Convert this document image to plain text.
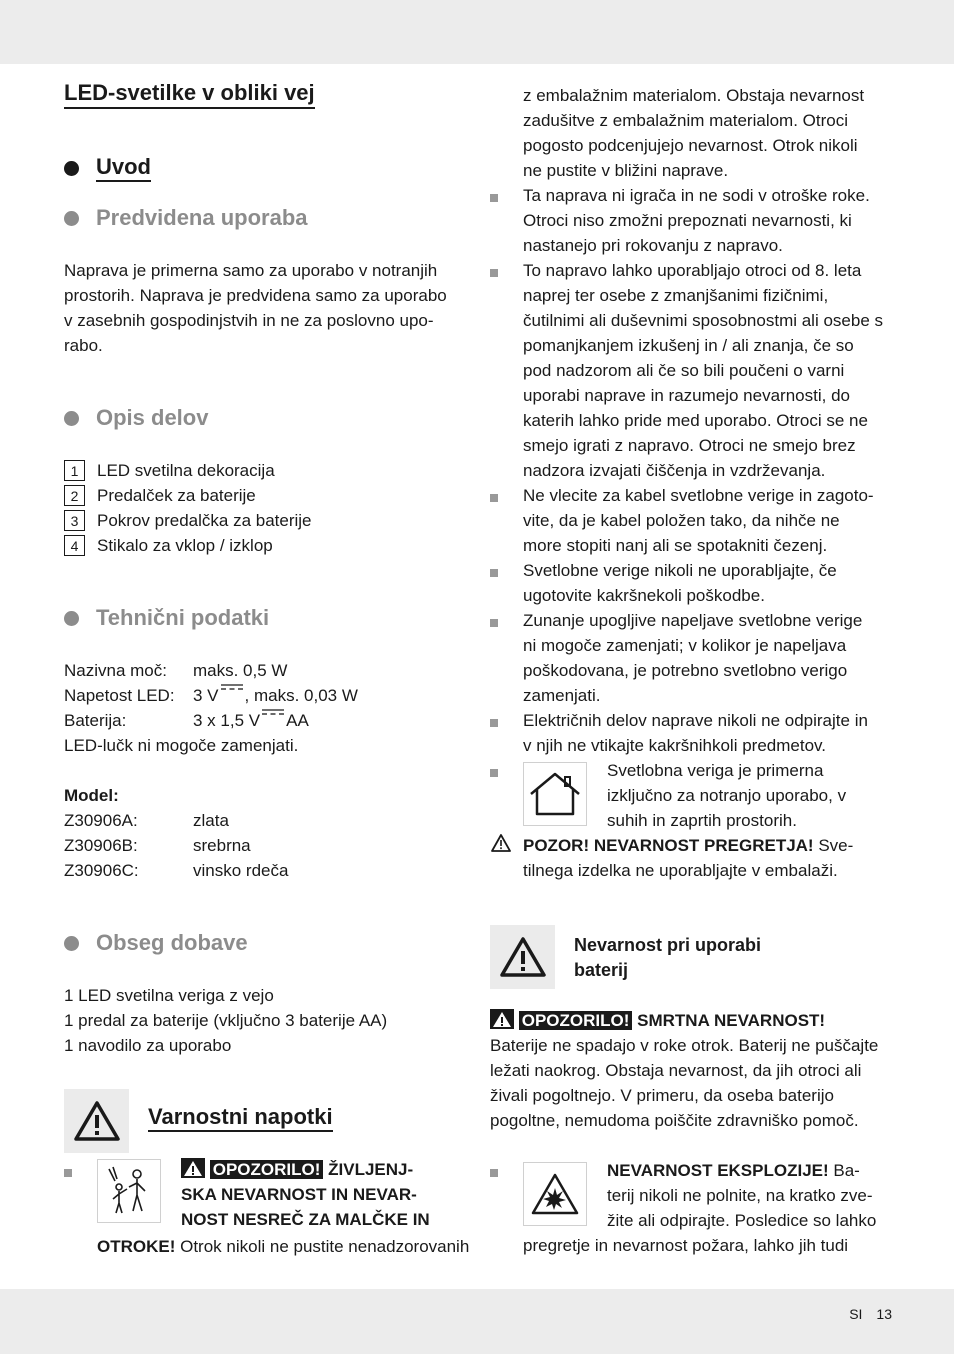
LED-svetilke v obliki vej
Uvod
Predvidena uporaba

Naprava je primerna samo za uporabo v notranjih

prostorih. Naprava je predvidena samo za uporabo

v zasebnih gospodinjstvih in ne za poslovno upo-

rabo.

Opis delov
1	LED svetilna dekoracija
2	Predalček za baterije
3	Pokrov predalčka za baterije
4	Stikalo za vklop / izklop
Tehnični podatki
Nazivna moč:	maks. 0,5 W
Napetost LED:	3 V , maks. 0,03 W
Baterija:	3 x 1,5 V AA

LED-lučk ni mogoče zamenjati.

Model:

Z30906A:	zlata
Z30906B:	srebrna
Z30906C:	vinsko rdeča
Obseg dobave

1 LED svetilna veriga z vejo

1 predal za baterije (vključno 3 baterije AA)

1 navodilo za uporabo

Varnostni napotki
OPOZORILO! ŽIVLJENJ-
SKA NEVARNOST IN NEVAR-
NOST NESREČ ZA MALČKE IN
OTROKE! Otrok nikoli ne pustite nenadzorovanih

z embalažnim materialom. Obstaja nevarnost

zadušitve z embalažnim materialom. Otroci

pogosto podcenjujejo nevarnost. Otrok nikoli

ne pustite v bližini naprave.

Ta naprava ni igrača in ne sodi v otroške roke.

Otroci niso zmožni prepoznati nevarnosti, ki

nastanejo pri rokovanju z napravo.

To napravo lahko uporabljajo otroci od 8. leta

naprej ter osebe z zmanjšanimi fizičnimi,

čutilnimi ali duševnimi sposobnostmi ali osebe s

pomanjkanjem izkušenj in / ali znanja, če so

pod nadzorom ali če so bili poučeni o varni

uporabi naprave in razumejo nevarnosti, do

katerih lahko pride med uporabo. Otroci se ne

smejo igrati z napravo. Otroci ne smejo brez

nadzora izvajati čiščenja in vzdrževanja.

Ne vlecite za kabel svetlobne verige in zagoto-

vite, da je kabel položen tako, da nihče ne

more stopiti nanj ali se spotakniti čezenj.

Svetlobne verige nikoli ne uporabljajte, če

ugotovite kakršnekoli poškodbe.

Zunanje upogljive napeljave svetlobne verige

ni mogoče zamenjati; v kolikor je napeljava

poškodovana, je potrebno svetlobno verigo

zamenjati.

Električnih delov naprave nikoli ne odpirajte in

v njih ne vtikajte kakršnihkoli predmetov.

Svetlobna veriga je primerna

izključno za notranjo uporabo, v

suhih in zaprtih prostorih.

POZOR! NEVARNOST PREGRETJA! Sve-

tilnega izdelka ne uporabljajte v embalaži.

Nevarnost pri uporabi
baterij
OPOZORILO! SMRTNA NEVARNOST!

Baterije ne spadajo v roke otrok. Baterij ne puščajte

ležati naokrog. Obstaja nevarnost, da jih otroci ali

živali pogoltnejo. V primeru, da oseba baterijo

pogoltne, nemudoma poiščite zdravniško pomoč.

NEVARNOST EKSPLOZIJE! Ba-

terij nikoli ne polnite, na kratko zve-

žite ali odpirajte. Posledice so lahko

pregretje in nevarnost požara, lahko jih tudi

SI 13
